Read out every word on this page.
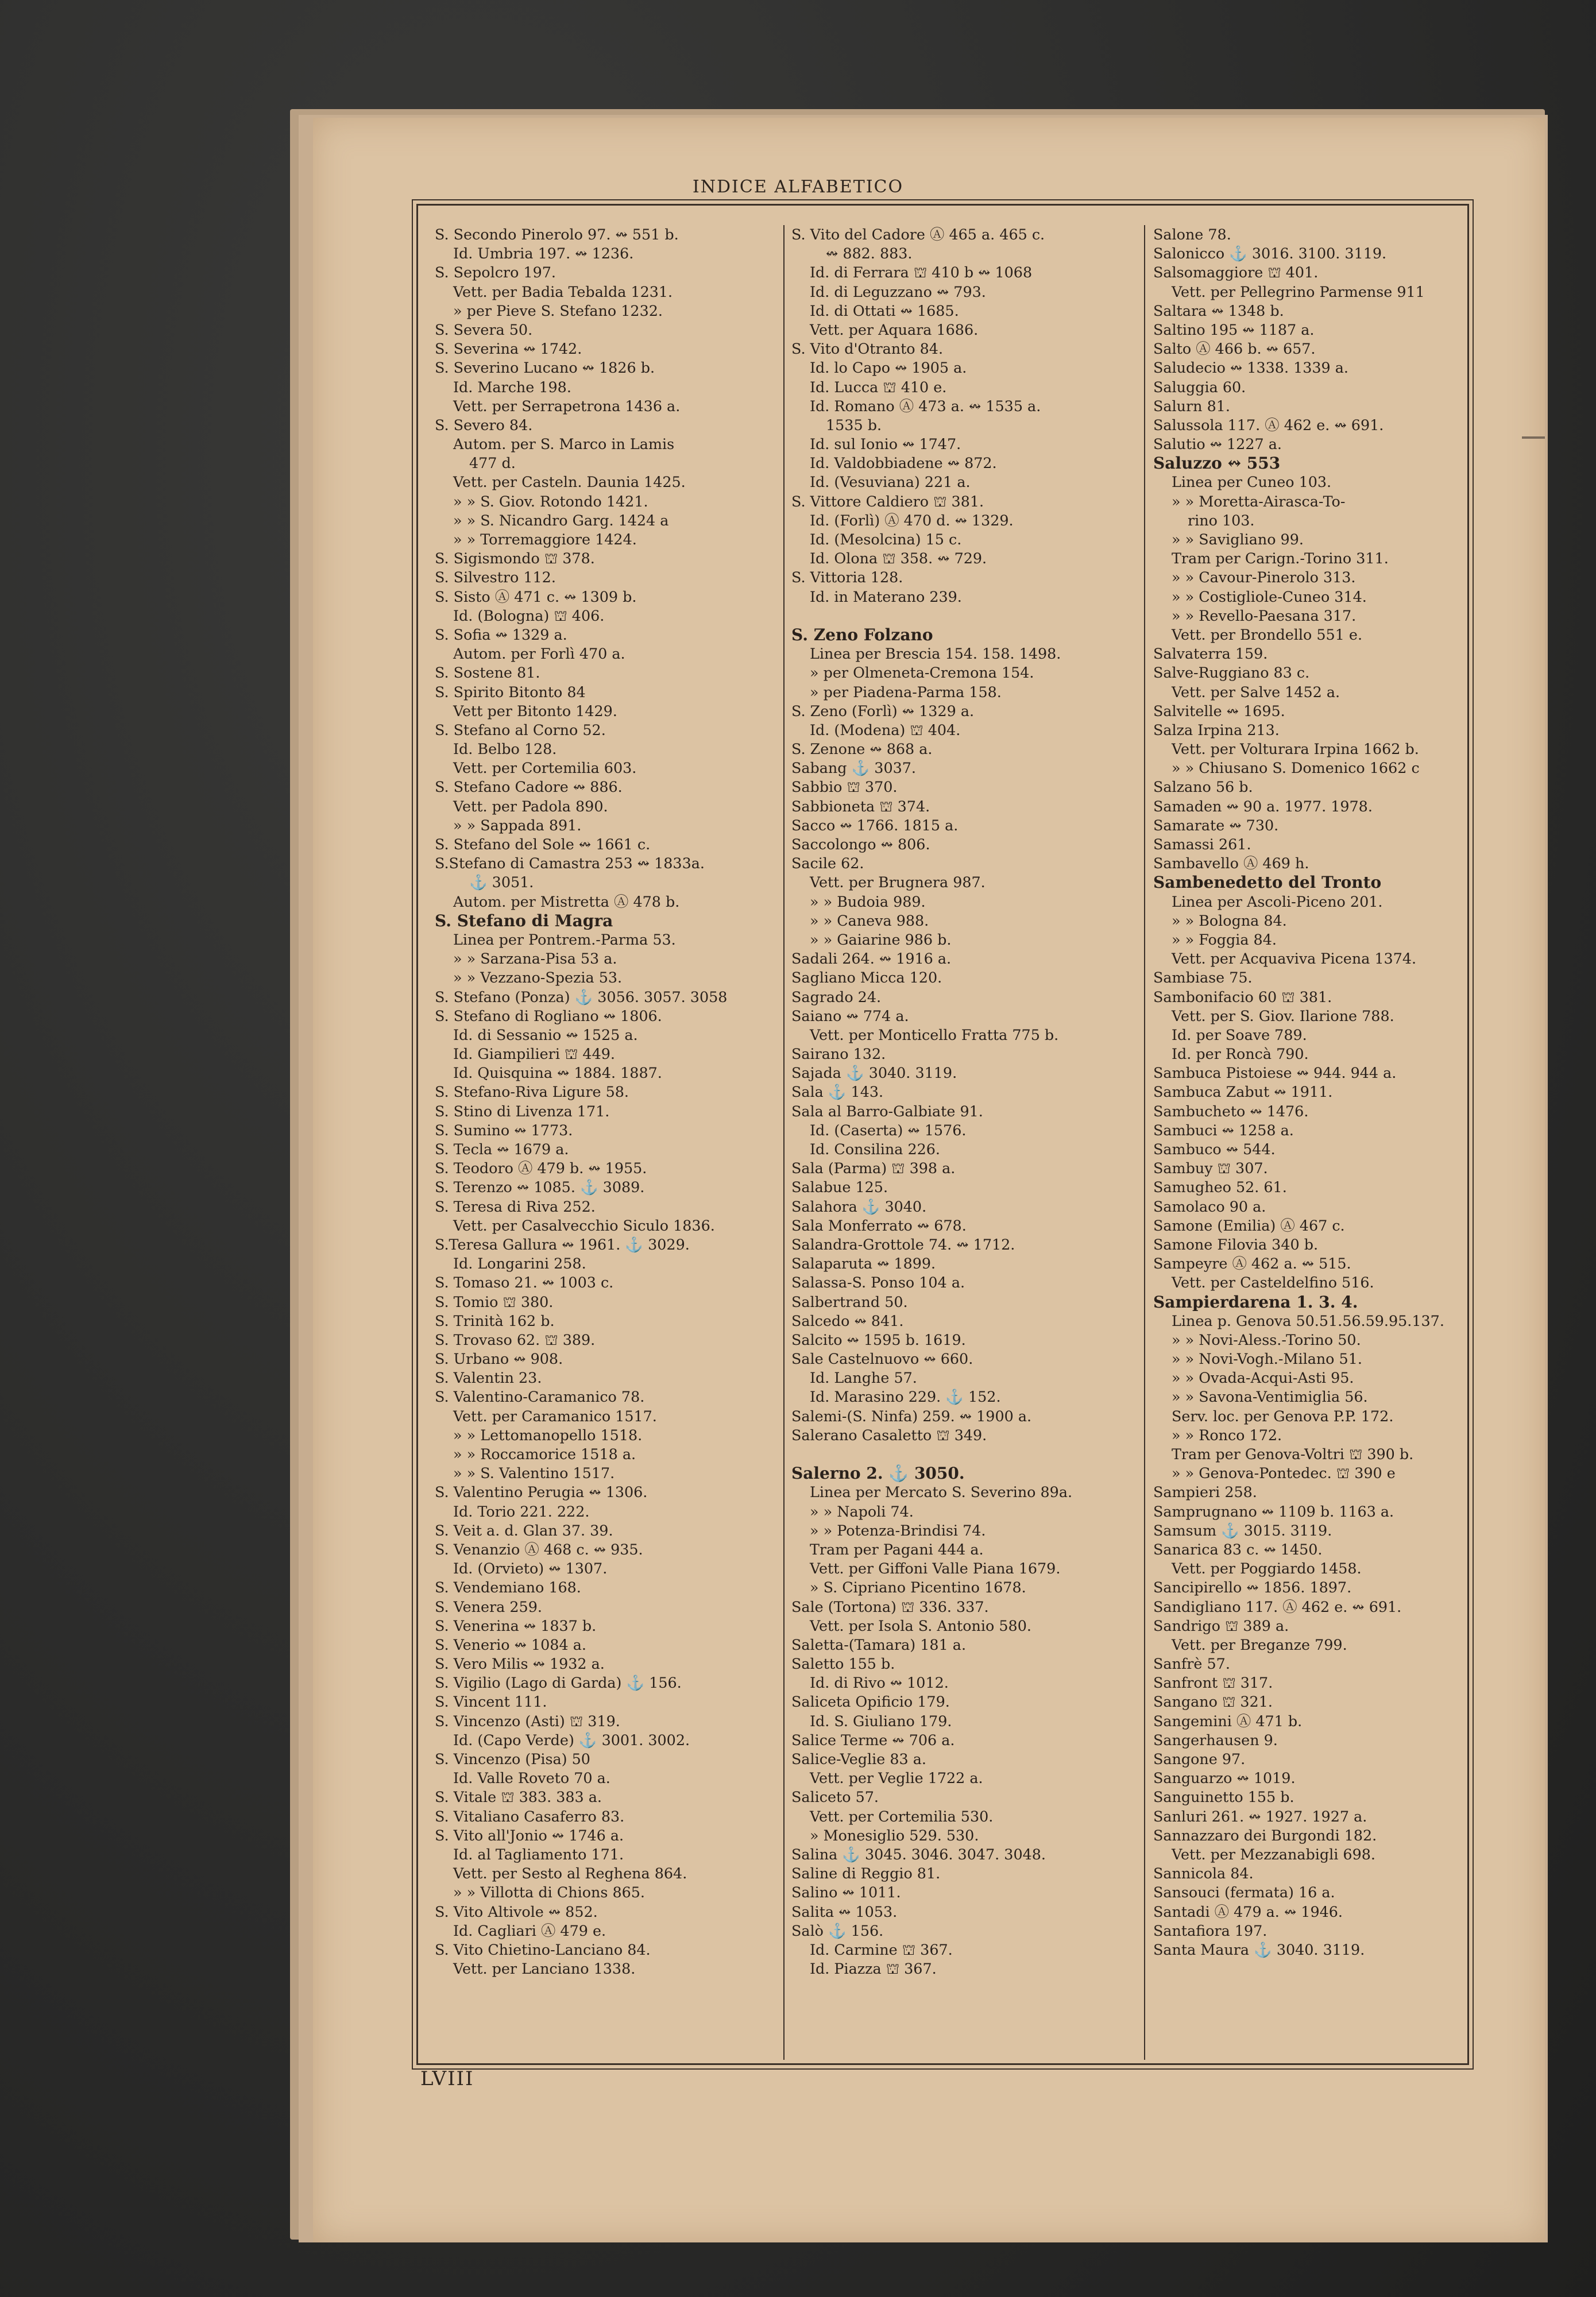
INDICE ALFABETICO
S. Secondo Pinerolo 97. ↭ 551 b.
Id. Umbria 197. ↭ 1236.
S. Sepolcro 197.
Vett. per Badia Tebalda 1231.
» per Pieve S. Stefano 1232.
S. Severa 50.
S. Severina ↭ 1742.
S. Severino Lucano ↭ 1826 b.
Id. Marche 198.
Vett. per Serrapetrona 1436 a.
S. Severo 84.
Autom. per S. Marco in Lamis
477 d.
Vett. per Casteln. Daunia 1425.
» » S. Giov. Rotondo 1421.
» » S. Nicandro Garg. 1424 a
» » Torremaggiore 1424.
S. Sigismondo ⛫ 378.
S. Silvestro 112.
S. Sisto Ⓐ 471 c. ↭ 1309 b.
Id. (Bologna) ⛫ 406.
S. Sofia ↭ 1329 a.
Autom. per Forlì 470 a.
S. Sostene 81.
S. Spirito Bitonto 84
Vett per Bitonto 1429.
S. Stefano al Corno 52.
Id. Belbo 128.
Vett. per Cortemilia 603.
S. Stefano Cadore ↭ 886.
Vett. per Padola 890.
» » Sappada 891.
S. Stefano del Sole ↭ 1661 c.
S.Stefano di Camastra 253 ↭ 1833a.
⚓ 3051.
Autom. per Mistretta Ⓐ 478 b.
S. Stefano di Magra
Linea per Pontrem.-Parma 53.
» » Sarzana-Pisa 53 a.
» » Vezzano-Spezia 53.
S. Stefano (Ponza) ⚓ 3056. 3057. 3058
S. Stefano di Rogliano ↭ 1806.
Id. di Sessanio ↭ 1525 a.
Id. Giampilieri ⛫ 449.
Id. Quisquina ↭ 1884. 1887.
S. Stefano-Riva Ligure 58.
S. Stino di Livenza 171.
S. Sumino ↭ 1773.
S. Tecla ↭ 1679 a.
S. Teodoro Ⓐ 479 b. ↭ 1955.
S. Terenzo ↭ 1085. ⚓ 3089.
S. Teresa di Riva 252.
Vett. per Casalvecchio Siculo 1836.
S.Teresa Gallura ↭ 1961. ⚓ 3029.
Id. Longarini 258.
S. Tomaso 21. ↭ 1003 c.
S. Tomio ⛫ 380.
S. Trinità 162 b.
S. Trovaso 62. ⛫ 389.
S. Urbano ↭ 908.
S. Valentin 23.
S. Valentino-Caramanico 78.
Vett. per Caramanico 1517.
» » Lettomanopello 1518.
» » Roccamorice 1518 a.
» » S. Valentino 1517.
S. Valentino Perugia ↭ 1306.
Id. Torio 221. 222.
S. Veit a. d. Glan 37. 39.
S. Venanzio Ⓐ 468 c. ↭ 935.
Id. (Orvieto) ↭ 1307.
S. Vendemiano 168.
S. Venera 259.
S. Venerina ↭ 1837 b.
S. Venerio ↭ 1084 a.
S. Vero Milis ↭ 1932 a.
S. Vigilio (Lago di Garda) ⚓ 156.
S. Vincent 111.
S. Vincenzo (Asti) ⛫ 319.
Id. (Capo Verde) ⚓ 3001. 3002.
S. Vincenzo (Pisa) 50
Id. Valle Roveto 70 a.
S. Vitale ⛫ 383. 383 a.
S. Vitaliano Casaferro 83.
S. Vito all'Jonio ↭ 1746 a.
Id. al Tagliamento 171.
Vett. per Sesto al Reghena 864.
» » Villotta di Chions 865.
S. Vito Altivole ↭ 852.
Id. Cagliari Ⓐ 479 e.
S. Vito Chietino-Lanciano 84.
Vett. per Lanciano 1338.
S. Vito del Cadore Ⓐ 465 a. 465 c.
↭ 882. 883.
Id. di Ferrara ⛫ 410 b ↭ 1068
Id. di Leguzzano ↭ 793.
Id. di Ottati ↭ 1685.
Vett. per Aquara 1686.
S. Vito d'Otranto 84.
Id. lo Capo ↭ 1905 a.
Id. Lucca ⛫ 410 e.
Id. Romano Ⓐ 473 a. ↭ 1535 a.
1535 b.
Id. sul Ionio ↭ 1747.
Id. Valdobbiadene ↭ 872.
Id. (Vesuviana) 221 a.
S. Vittore Caldiero ⛫ 381.
Id. (Forlì) Ⓐ 470 d. ↭ 1329.
Id. (Mesolcina) 15 c.
Id. Olona ⛫ 358. ↭ 729.
S. Vittoria 128.
Id. in Materano 239.
S. Zeno Folzano
Linea per Brescia 154. 158. 1498.
» per Olmeneta-Cremona 154.
» per Piadena-Parma 158.
S. Zeno (Forlì) ↭ 1329 a.
Id. (Modena) ⛫ 404.
S. Zenone ↭ 868 a.
Sabang ⚓ 3037.
Sabbio ⛫ 370.
Sabbioneta ⛫ 374.
Sacco ↭ 1766. 1815 a.
Saccolongo ↭ 806.
Sacile 62.
Vett. per Brugnera 987.
» » Budoia 989.
» » Caneva 988.
» » Gaiarine 986 b.
Sadali 264. ↭ 1916 a.
Sagliano Micca 120.
Sagrado 24.
Saiano ↭ 774 a.
Vett. per Monticello Fratta 775 b.
Sairano 132.
Sajada ⚓ 3040. 3119.
Sala ⚓ 143.
Sala al Barro-Galbiate 91.
Id. (Caserta) ↭ 1576.
Id. Consilina 226.
Sala (Parma) ⛫ 398 a.
Salabue 125.
Salahora ⚓ 3040.
Sala Monferrato ↭ 678.
Salandra-Grottole 74. ↭ 1712.
Salaparuta ↭ 1899.
Salassa-S. Ponso 104 a.
Salbertrand 50.
Salcedo ↭ 841.
Salcito ↭ 1595 b. 1619.
Sale Castelnuovo ↭ 660.
Id. Langhe 57.
Id. Marasino 229. ⚓ 152.
Salemi-(S. Ninfa) 259. ↭ 1900 a.
Salerano Casaletto ⛫ 349.
Salerno 2. ⚓ 3050.
Linea per Mercato S. Severino 89a.
» » Napoli 74.
» » Potenza-Brindisi 74.
Tram per Pagani 444 a.
Vett. per Giffoni Valle Piana 1679.
» S. Cipriano Picentino 1678.
Sale (Tortona) ⛫ 336. 337.
Vett. per Isola S. Antonio 580.
Saletta-(Tamara) 181 a.
Saletto 155 b.
Id. di Rivo ↭ 1012.
Saliceta Opificio 179.
Id. S. Giuliano 179.
Salice Terme ↭ 706 a.
Salice-Veglie 83 a.
Vett. per Veglie 1722 a.
Saliceto 57.
Vett. per Cortemilia 530.
» Monesiglio 529. 530.
Salina ⚓ 3045. 3046. 3047. 3048.
Saline di Reggio 81.
Salino ↭ 1011.
Salita ↭ 1053.
Salò ⚓ 156.
Id. Carmine ⛫ 367.
Id. Piazza ⛫ 367.
Salone 78.
Salonicco ⚓ 3016. 3100. 3119.
Salsomaggiore ⛫ 401.
Vett. per Pellegrino Parmense 911
Saltara ↭ 1348 b.
Saltino 195 ↭ 1187 a.
Salto Ⓐ 466 b. ↭ 657.
Saludecio ↭ 1338. 1339 a.
Saluggia 60.
Salurn 81.
Salussola 117. Ⓐ 462 e. ↭ 691.
Salutio ↭ 1227 a.
Saluzzo ↭ 553
Linea per Cuneo 103.
» » Moretta-Airasca-To-
rino 103.
» » Savigliano 99.
Tram per Carign.-Torino 311.
» » Cavour-Pinerolo 313.
» » Costigliole-Cuneo 314.
» » Revello-Paesana 317.
Vett. per Brondello 551 e.
Salvaterra 159.
Salve-Ruggiano 83 c.
Vett. per Salve 1452 a.
Salvitelle ↭ 1695.
Salza Irpina 213.
Vett. per Volturara Irpina 1662 b.
» » Chiusano S. Domenico 1662 c
Salzano 56 b.
Samaden ↭ 90 a. 1977. 1978.
Samarate ↭ 730.
Samassi 261.
Sambavello Ⓐ 469 h.
Sambenedetto del Tronto
Linea per Ascoli-Piceno 201.
» » Bologna 84.
» » Foggia 84.
Vett. per Acquaviva Picena 1374.
Sambiase 75.
Sambonifacio 60 ⛫ 381.
Vett. per S. Giov. Ilarione 788.
Id. per Soave 789.
Id. per Roncà 790.
Sambuca Pistoiese ↭ 944. 944 a.
Sambuca Zabut ↭ 1911.
Sambucheto ↭ 1476.
Sambuci ↭ 1258 a.
Sambuco ↭ 544.
Sambuy ⛫ 307.
Samugheo 52. 61.
Samolaco 90 a.
Samone (Emilia) Ⓐ 467 c.
Samone Filovia 340 b.
Sampeyre Ⓐ 462 a. ↭ 515.
Vett. per Casteldelfino 516.
Sampierdarena 1. 3. 4.
Linea p. Genova 50.51.56.59.95.137.
» » Novi-Aless.-Torino 50.
» » Novi-Vogh.-Milano 51.
» » Ovada-Acqui-Asti 95.
» » Savona-Ventimiglia 56.
Serv. loc. per Genova P.P. 172.
» » Ronco 172.
Tram per Genova-Voltri ⛫ 390 b.
» » Genova-Pontedec. ⛫ 390 e
Sampieri 258.
Samprugnano ↭ 1109 b. 1163 a.
Samsum ⚓ 3015. 3119.
Sanarica 83 c. ↭ 1450.
Vett. per Poggiardo 1458.
Sancipirello ↭ 1856. 1897.
Sandigliano 117. Ⓐ 462 e. ↭ 691.
Sandrigo ⛫ 389 a.
Vett. per Breganze 799.
Sanfrè 57.
Sanfront ⛫ 317.
Sangano ⛫ 321.
Sangemini Ⓐ 471 b.
Sangerhausen 9.
Sangone 97.
Sanguarzo ↭ 1019.
Sanguinetto 155 b.
Sanluri 261. ↭ 1927. 1927 a.
Sannazzaro dei Burgondi 182.
Vett. per Mezzanabigli 698.
Sannicola 84.
Sansouci (fermata) 16 a.
Santadi Ⓐ 479 a. ↭ 1946.
Santafiora 197.
Santa Maura ⚓ 3040. 3119.
LVIII
